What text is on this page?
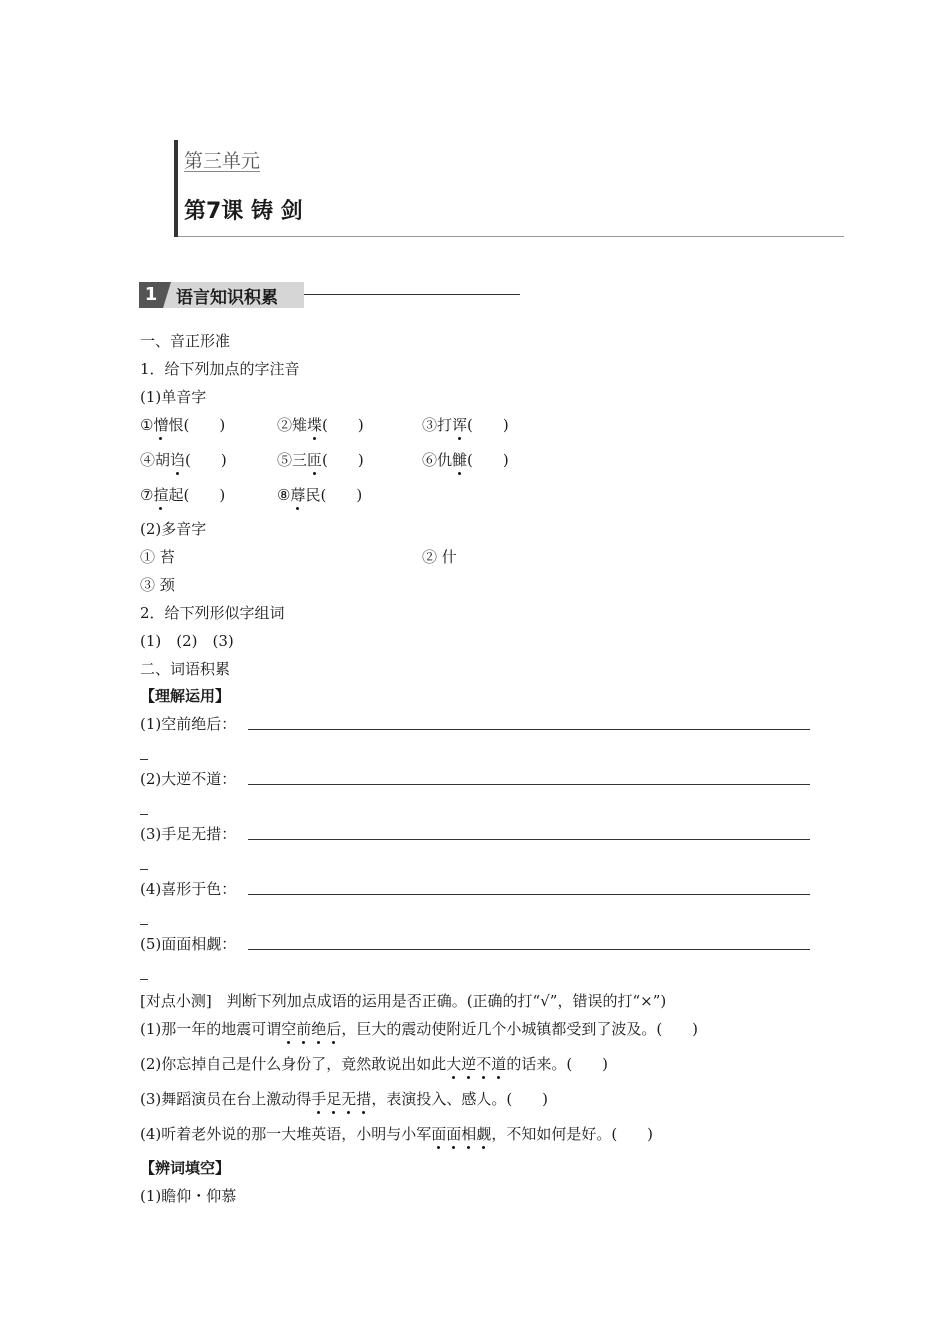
第三单元
第7课 铸 剑
1	语言知识积累
一、音正形准
1．给下列加点的字注音
(1)单音字
①憎恨(　　)	②雉堞(　　)	③打诨(　　)
④胡诌(　　)	⑤三匝(　　)	⑥仇雠(　　)
⑦揎起(　　)	⑧蓐民(　　)
(2)多音字
① 苔	② 什
③ 颈
2．给下列形似字组词
(1)　(2)　(3)
二、词语积累
【理解运用】
(1)空前绝后：
(2)大逆不道：
(3)手足无措：
(4)喜形于色：
(5)面面相觑：
[对点小测]　判断下列加点成语的运用是否正确。(正确的打“√”，错误的打“×”)
(1)那一年的地震可谓空前绝后，巨大的震动使附近几个小城镇都受到了波及。(　　)
(2)你忘掉自己是什么身份了，竟然敢说出如此大逆不道的话来。(　　)
(3)舞蹈演员在台上激动得手足无措，表演投入、感人。(　　)
(4)听着老外说的那一大堆英语，小明与小军面面相觑，不知如何是好。(　　)
【辨词填空】
(1)瞻仰・仰慕
